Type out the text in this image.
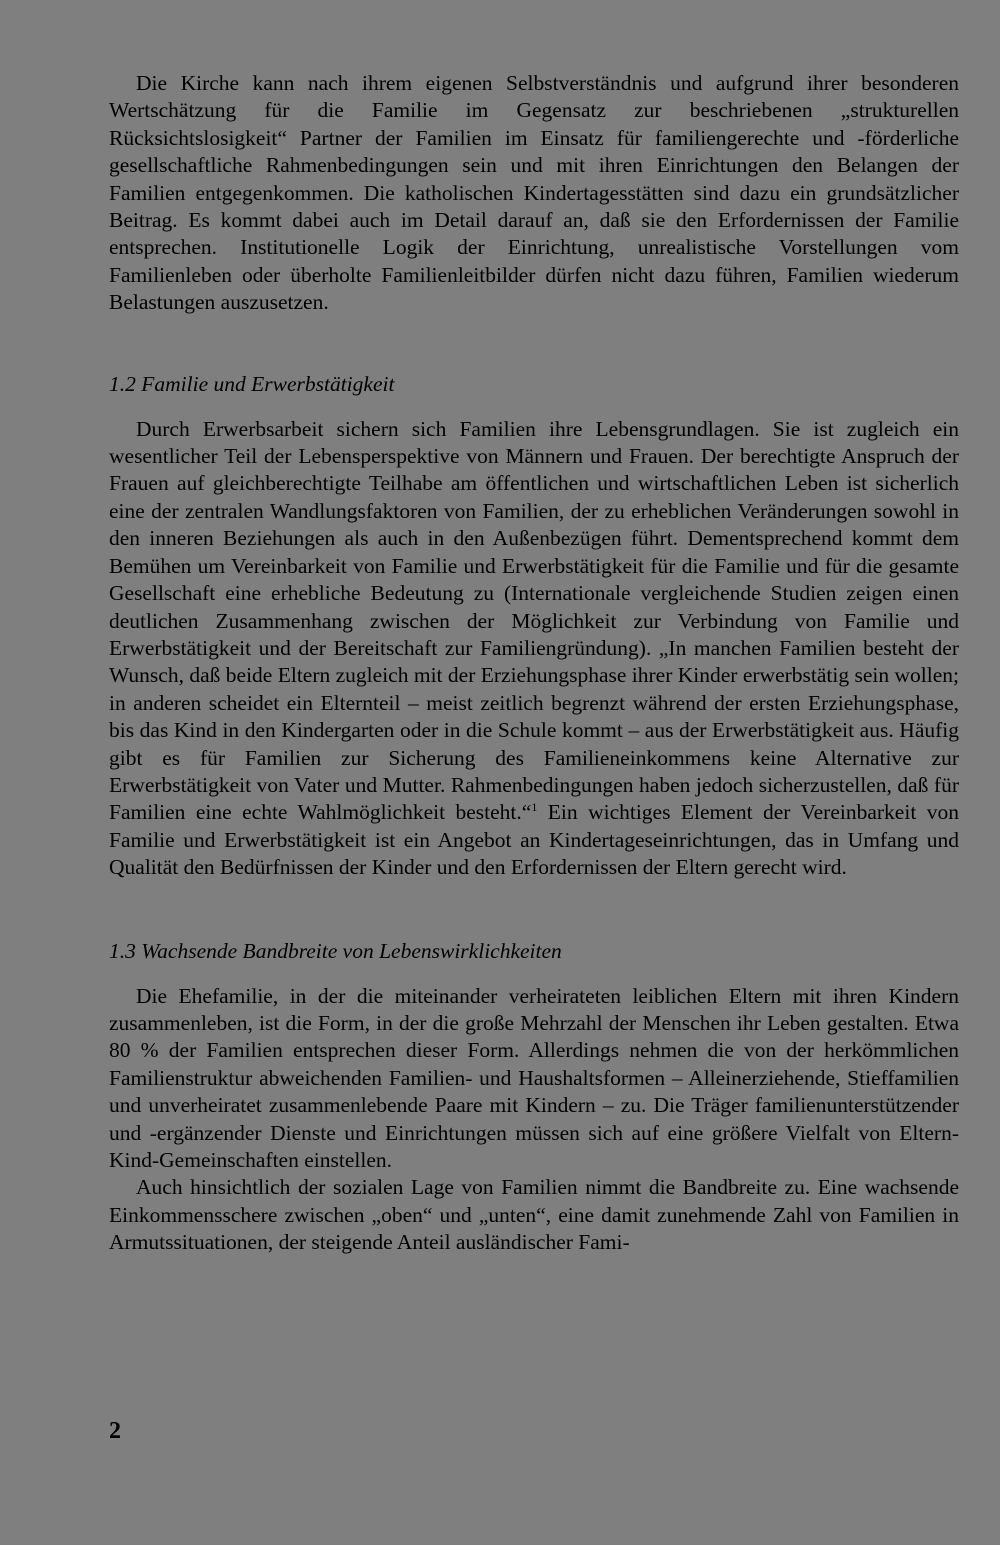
Die Kirche kann nach ihrem eigenen Selbstverständnis und aufgrund ihrer besonderen Wertschätzung für die Familie im Gegensatz zur beschriebenen „strukturellen Rücksichtslosigkeit“ Partner der Familien im Einsatz für familiengerechte und -förderliche gesellschaftliche Rahmenbedingungen sein und mit ihren Einrichtungen den Belangen der Familien entgegenkommen. Die katholischen Kindertagesstätten sind dazu ein grundsätzlicher Beitrag. Es kommt dabei auch im Detail darauf an, daß sie den Erfordernissen der Familie entsprechen. Institutionelle Logik der Einrichtung, unrealistische Vorstellungen vom Familienleben oder überholte Familienleitbilder dürfen nicht dazu führen, Familien wiederum Belastungen auszusetzen.

1.2 Familie und Erwerbstätigkeit

Durch Erwerbsarbeit sichern sich Familien ihre Lebensgrundlagen. Sie ist zugleich ein wesentlicher Teil der Lebensperspektive von Männern und Frauen. Der berechtigte Anspruch der Frauen auf gleichberechtigte Teilhabe am öffentlichen und wirtschaftlichen Leben ist sicherlich eine der zentralen Wandlungsfaktoren von Familien, der zu erheblichen Veränderungen sowohl in den inneren Beziehungen als auch in den Außenbezügen führt. Dementsprechend kommt dem Bemühen um Vereinbarkeit von Familie und Erwerbstätigkeit für die Familie und für die gesamte Gesellschaft eine erhebliche Bedeutung zu (Internationale vergleichende Studien zeigen einen deutlichen Zusammenhang zwischen der Möglichkeit zur Verbindung von Familie und Erwerbstätigkeit und der Bereitschaft zur Familiengründung). „In manchen Familien besteht der Wunsch, daß beide Eltern zugleich mit der Erziehungsphase ihrer Kinder erwerbstätig sein wollen; in anderen scheidet ein Elternteil – meist zeitlich begrenzt während der ersten Erziehungsphase, bis das Kind in den Kindergarten oder in die Schule kommt – aus der Erwerbstätigkeit aus. Häufig gibt es für Familien zur Sicherung des Familieneinkommens keine Alternative zur Erwerbstätigkeit von Vater und Mutter. Rahmenbedingungen haben jedoch sicherzustellen, daß für Familien eine echte Wahlmöglichkeit besteht.“$^1$ Ein wichtiges Element der Vereinbarkeit von Familie und Erwerbstätigkeit ist ein Angebot an Kindertageseinrichtungen, das in Umfang und Qualität den Bedürfnissen der Kinder und den Erfordernissen der Eltern gerecht wird.

1.3 Wachsende Bandbreite von Lebenswirklichkeiten

Die Ehefamilie, in der die miteinander verheirateten leiblichen Eltern mit ihren Kindern zusammenleben, ist die Form, in der die große Mehrzahl der Menschen ihr Leben gestalten. Etwa 80 % der Familien entsprechen dieser Form. Allerdings nehmen die von der herkömmlichen Familienstruktur abweichenden Familien- und Haushaltsformen – Alleinerziehende, Stieffamilien und unverheiratet zusammenlebende Paare mit Kindern – zu. Die Träger familienunterstützender und -ergänzender Dienste und Einrichtungen müssen sich auf eine größere Vielfalt von Eltern-Kind-Gemeinschaften einstellen.

Auch hinsichtlich der sozialen Lage von Familien nimmt die Bandbreite zu. Eine wachsende Einkommensschere zwischen „oben“ und „unten“, eine damit zunehmende Zahl von Familien in Armutssituationen, der steigende Anteil ausländischer Fami-

2
